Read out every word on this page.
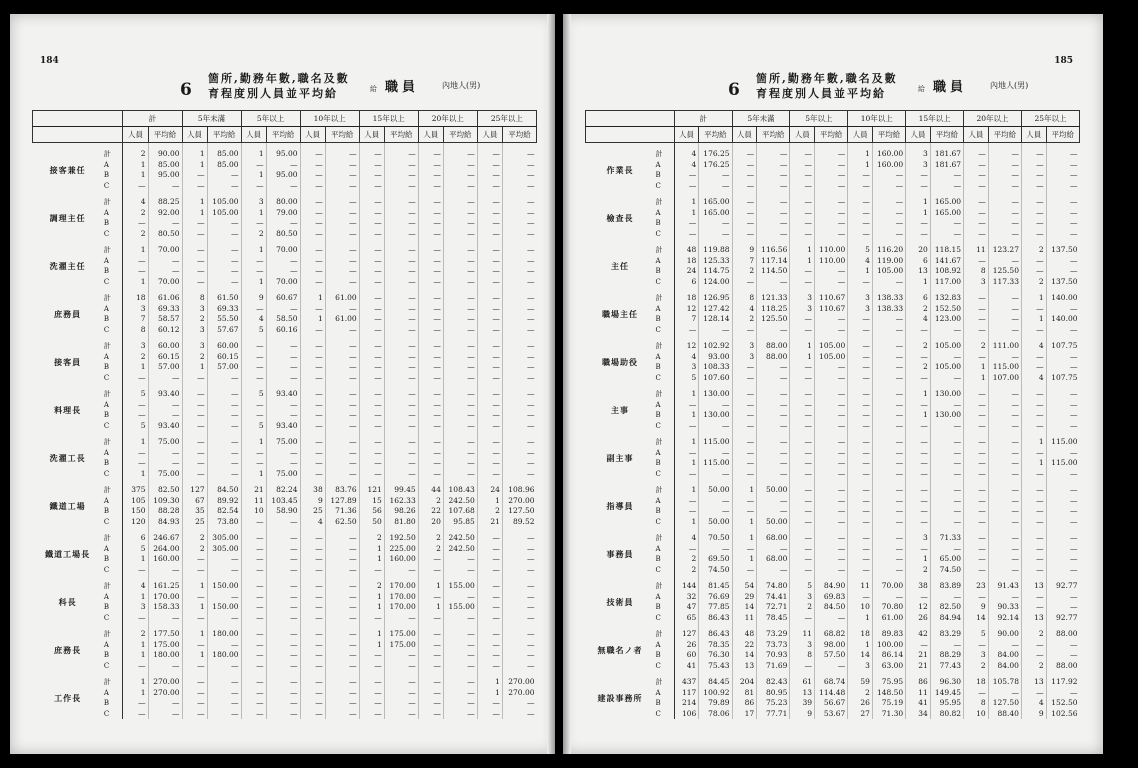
184
6
箇所,勤務年數,職名及數
育程度別人員並平均給	給 職員	內地人(男)
		計		5年未滿		5年以上		10年以上		15年以上		20年以上		25年以上	
		人員	平均給	人員	平均給	人員	平均給	人員	平均給	人員	平均給	人員	平均給	人員	平均給
接客兼任	計	2	90.00	1	85.00	1	95.00	—	—	—	—	—	—	—	—
	A	1	85.00	1	85.00	—	—	—	—	—	—	—	—	—	—
	B	1	95.00	—	—	1	95.00	—	—	—	—	—	—	—	—
	C	—	—	—	—	—	—	—	—	—	—	—	—	—	—
調理主任	計	4	88.25	1	105.00	3	80.00	—	—	—	—	—	—	—	—
	A	2	92.00	1	105.00	1	79.00	—	—	—	—	—	—	—	—
	B	—	—	—	—	—	—	—	—	—	—	—	—	—	—
	C	2	80.50	—	—	2	80.50	—	—	—	—	—	—	—	—
洗濯主任	計	1	70.00	—	—	1	70.00	—	—	—	—	—	—	—	—
	A	—	—	—	—	—	—	—	—	—	—	—	—	—	—
	B	—	—	—	—	—	—	—	—	—	—	—	—	—	—
	C	1	70.00	—	—	1	70.00	—	—	—	—	—	—	—	—
庶務員	計	18	61.06	8	61.50	9	60.67	1	61.00	—	—	—	—	—	—
	A	3	69.33	3	69.33	—	—	—	—	—	—	—	—	—	—
	B	7	58.57	2	55.50	4	58.50	1	61.00	—	—	—	—	—	—
	C	8	60.12	3	57.67	5	60.16	—	—	—	—	—	—	—	—
接客員	計	3	60.00	3	60.00	—	—	—	—	—	—	—	—	—	—
	A	2	60.15	2	60.15	—	—	—	—	—	—	—	—	—	—
	B	1	57.00	1	57.00	—	—	—	—	—	—	—	—	—	—
	C	—	—	—	—	—	—	—	—	—	—	—	—	—	—
料理長	計	5	93.40	—	—	5	93.40	—	—	—	—	—	—	—	—
	A	—	—	—	—	—	—	—	—	—	—	—	—	—	—
	B	—	—	—	—	—	—	—	—	—	—	—	—	—	—
	C	5	93.40	—	—	5	93.40	—	—	—	—	—	—	—	—
洗濯工長	計	1	75.00	—	—	1	75.00	—	—	—	—	—	—	—	—
	A	—	—	—	—	—	—	—	—	—	—	—	—	—	—
	B	—	—	—	—	—	—	—	—	—	—	—	—	—	—
	C	1	75.00	—	—	1	75.00	—	—	—	—	—	—	—	—
鐵道工場	計	375	82.50	127	84.50	21	82.24	38	83.76	121	99.45	44	108.43	24	108.96
	A	105	109.30	67	89.92	11	103.45	9	127.89	15	162.33	2	242.50	1	270.00
	B	150	88.28	35	82.54	10	58.90	25	71.36	56	98.26	22	107.68	2	127.50
	C	120	84.93	25	73.80	—	—	4	62.50	50	81.80	20	95.85	21	89.52
鐵道工場長	計	6	246.67	2	305.00	—	—	—	—	2	192.50	2	242.50	—	—
	A	5	264.00	2	305.00	—	—	—	—	1	225.00	2	242.50	—	—
	B	1	160.00	—	—	—	—	—	—	1	160.00	—	—	—	—
	C	—	—	—	—	—	—	—	—	—	—	—	—	—	—
科長	計	4	161.25	1	150.00	—	—	—	—	2	170.00	1	155.00	—	—
	A	1	170.00	—	—	—	—	—	—	1	170.00	—	—	—	—
	B	3	158.33	1	150.00	—	—	—	—	1	170.00	1	155.00	—	—
	C	—	—	—	—	—	—	—	—	—	—	—	—	—	—
庶務長	計	2	177.50	1	180.00	—	—	—	—	1	175.00	—	—	—	—
	A	1	175.00	—	—	—	—	—	—	1	175.00	—	—	—	—
	B	1	180.00	1	180.00	—	—	—	—	—	—	—	—	—	—
	C	—	—	—	—	—	—	—	—	—	—	—	—	—	—
工作長	計	1	270.00	—	—	—	—	—	—	—	—	—	—	1	270.00
	A	1	270.00	—	—	—	—	—	—	—	—	—	—	1	270.00
	B	—	—	—	—	—	—	—	—	—	—	—	—	—	—
	C	—	—	—	—	—	—	—	—	—	—	—	—	—	—
185
6
箇所,勤務年數,職名及數
育程度別人員並平均給	給 職員	內地人(男)
		計		5年未滿		5年以上		10年以上		15年以上		20年以上		25年以上	
		人員	平均給	人員	平均給	人員	平均給	人員	平均給	人員	平均給	人員	平均給	人員	平均給
作業長	計	4	176.25	—	—	—	—	1	160.00	3	181.67	—	—	—	—
	A	4	176.25	—	—	—	—	1	160.00	3	181.67	—	—	—	—
	B	—	—	—	—	—	—	—	—	—	—	—	—	—	—
	C	—	—	—	—	—	—	—	—	—	—	—	—	—	—
檢查長	計	1	165.00	—	—	—	—	—	—	1	165.00	—	—	—	—
	A	1	165.00	—	—	—	—	—	—	1	165.00	—	—	—	—
	B	—	—	—	—	—	—	—	—	—	—	—	—	—	—
	C	—	—	—	—	—	—	—	—	—	—	—	—	—	—
主任	計	48	119.88	9	116.56	1	110.00	5	116.20	20	118.15	11	123.27	2	137.50
	A	18	125.33	7	117.14	1	110.00	4	119.00	6	141.67	—	—	—	—
	B	24	114.75	2	114.50	—	—	1	105.00	13	108.92	8	125.50	—	—
	C	6	124.00	—	—	—	—	—	—	1	117.00	3	117.33	2	137.50
職場主任	計	18	126.95	8	121.33	3	110.67	3	138.33	6	132.83	—	—	1	140.00
	A	12	127.42	4	118.25	3	110.67	3	138.33	2	152.50	—	—	—	—
	B	7	128.14	2	125.50	—	—	—	—	4	123.00	—	—	1	140.00
	C	—	—	—	—	—	—	—	—	—	—	—	—	—	—
職場助役	計	12	102.92	3	88.00	1	105.00	—	—	2	105.00	2	111.00	4	107.75
	A	4	93.00	3	88.00	1	105.00	—	—	—	—	—	—	—	—
	B	3	108.33	—	—	—	—	—	—	2	105.00	1	115.00	—	—
	C	5	107.60	—	—	—	—	—	—	—	—	1	107.00	4	107.75
主事	計	1	130.00	—	—	—	—	—	—	1	130.00	—	—	—	—
	A	—	—	—	—	—	—	—	—	—	—	—	—	—	—
	B	1	130.00	—	—	—	—	—	—	1	130.00	—	—	—	—
	C	—	—	—	—	—	—	—	—	—	—	—	—	—	—
副主事	計	1	115.00	—	—	—	—	—	—	—	—	—	—	1	115.00
	A	—	—	—	—	—	—	—	—	—	—	—	—	—	—
	B	1	115.00	—	—	—	—	—	—	—	—	—	—	1	115.00
	C	—	—	—	—	—	—	—	—	—	—	—	—	—	—
指導員	計	1	50.00	1	50.00	—	—	—	—	—	—	—	—	—	—
	A	—	—	—	—	—	—	—	—	—	—	—	—	—	—
	B	—	—	—	—	—	—	—	—	—	—	—	—	—	—
	C	1	50.00	1	50.00	—	—	—	—	—	—	—	—	—	—
事務員	計	4	70.50	1	68.00	—	—	—	—	3	71.33	—	—	—	—
	A	—	—	—	—	—	—	—	—	—	—	—	—	—	—
	B	2	69.50	1	68.00	—	—	—	—	1	65.00	—	—	—	—
	C	2	74.50	—	—	—	—	—	—	2	74.50	—	—	—	—
技術員	計	144	81.45	54	74.80	5	84.90	11	70.00	38	83.89	23	91.43	13	92.77
	A	32	76.69	29	74.41	3	69.83	—	—	—	—	—	—	—	—
	B	47	77.85	14	72.71	2	84.50	10	70.80	12	82.50	9	90.33	—	—
	C	65	86.43	11	78.45	—	—	1	61.00	26	84.94	14	92.14	13	92.77
無職名ノ者	計	127	86.43	48	73.29	11	68.82	18	89.83	42	83.29	5	90.00	2	88.00
	A	26	78.35	22	73.73	3	98.00	1	100.00	—	—	—	—	—	—
	B	60	76.30	14	70.93	8	57.50	14	86.14	21	88.29	3	84.00	—	—
	C	41	75.43	13	71.69	—	—	3	63.00	21	77.43	2	84.00	2	88.00
建設事務所	計	437	84.45	204	82.43	61	68.74	59	75.95	86	96.30	18	105.78	13	117.92
	A	117	100.92	81	80.95	13	114.48	2	148.50	11	149.45	—	—	—	—
	B	214	79.89	86	75.23	39	56.67	26	75.19	41	95.95	8	127.50	4	152.50
	C	106	78.06	17	77.71	9	53.67	27	71.30	34	80.82	10	88.40	9	102.56
